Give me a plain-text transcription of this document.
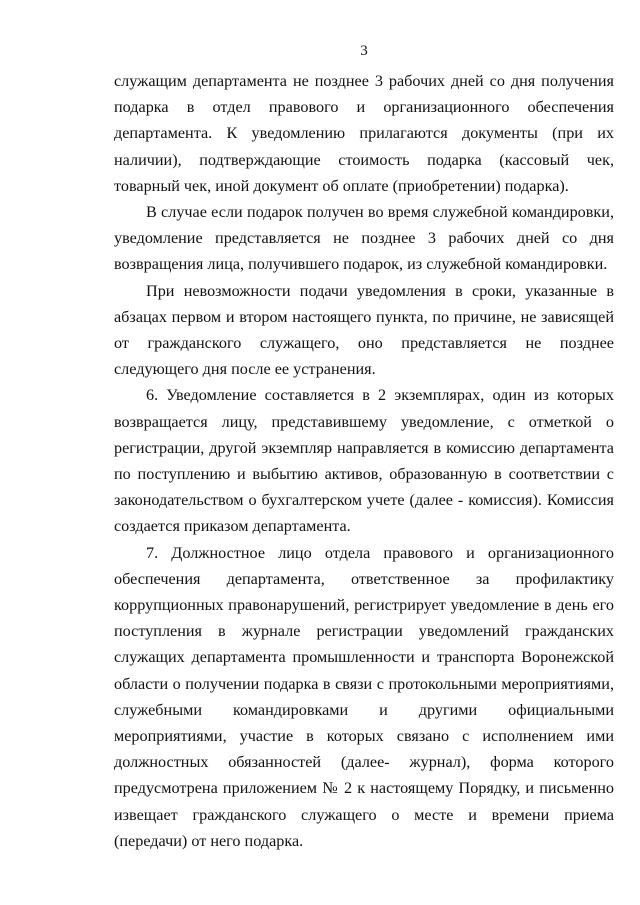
3

служащим департамента не позднее 3 рабочих дней со дня получения подарка в отдел правового и организационного обеспечения департамента. К уведомлению прилагаются документы (при их наличии), подтверждающие стоимость подарка (кассовый чек, товарный чек, иной документ об оплате (приобретении) подарка).

В случае если подарок получен во время служебной командировки, уведомление представляется не позднее 3 рабочих дней со дня возвращения лица, получившего подарок, из служебной командировки.

При невозможности подачи уведомления в сроки, указанные в абзацах первом и втором настоящего пункта, по причине, не зависящей от гражданского служащего, оно представляется не позднее следующего дня после ее устранения.

6. Уведомление составляется в 2 экземплярах, один из которых возвращается лицу, представившему уведомление, с отметкой о регистрации, другой экземпляр направляется в комиссию департамента по поступлению и выбытию активов, образованную в соответствии с законодательством о бухгалтерском учете (далее - комиссия). Комиссия создается приказом департамента.

7. Должностное лицо отдела правового и организационного обеспечения департамента, ответственное за профилактику коррупционных правонарушений, регистрирует уведомление в день его поступления в журнале регистрации уведомлений гражданских служащих департамента промышленности и транспорта Воронежской области о получении подарка в связи с протокольными мероприятиями, служебными командировками и другими официальными мероприятиями, участие в которых связано с исполнением ими должностных обязанностей (далее- журнал), форма которого предусмотрена приложением № 2 к настоящему Порядку, и письменно извещает гражданского служащего о месте и времени приема (передачи) от него подарка.
